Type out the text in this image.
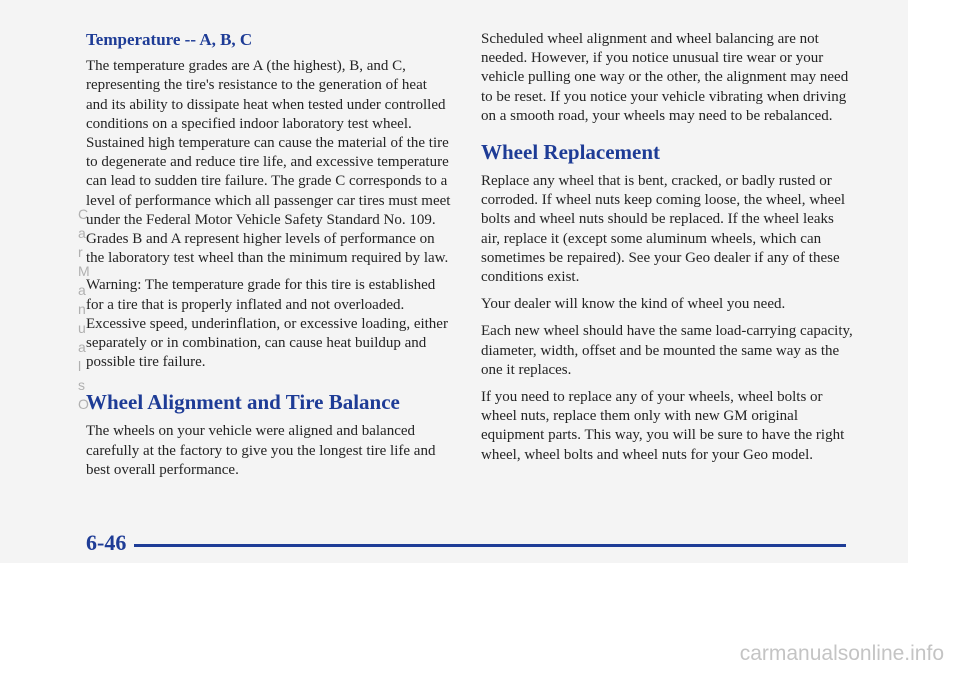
Temperature -- A, B, C

The temperature grades are A (the highest), B, and C, representing the tire's resistance to the generation of heat and its ability to dissipate heat when tested under controlled conditions on a specified indoor laboratory test wheel. Sustained high temperature can cause the material of the tire to degenerate and reduce tire life, and excessive temperature can lead to sudden tire failure. The grade C corresponds to a level of performance which all passenger car tires must meet under the Federal Motor Vehicle Safety Standard No. 109. Grades B and A represent higher levels of performance on the laboratory test wheel than the minimum required by law.

Warning: The temperature grade for this tire is established for a tire that is properly inflated and not overloaded. Excessive speed, underinflation, or excessive loading, either separately or in combination, can cause heat buildup and possible tire failure.

Wheel Alignment and Tire Balance

The wheels on your vehicle were aligned and balanced carefully at the factory to give you the longest tire life and best overall performance.

Scheduled wheel alignment and wheel balancing are not needed. However, if you notice unusual tire wear or your vehicle pulling one way or the other, the alignment may need to be reset. If you notice your vehicle vibrating when driving on a smooth road, your wheels may need to be rebalanced.

Wheel Replacement

Replace any wheel that is bent, cracked, or badly rusted or corroded. If wheel nuts keep coming loose, the wheel, wheel bolts and wheel nuts should be replaced. If the wheel leaks air, replace it (except some aluminum wheels, which can sometimes be repaired). See your Geo dealer if any of these conditions exist.

Your dealer will know the kind of wheel you need.

Each new wheel should have the same load-carrying capacity, diameter, width, offset and be mounted the same way as the one it replaces.

If you need to replace any of your wheels, wheel bolts or wheel nuts, replace them only with new GM original equipment parts. This way, you will be sure to have the right wheel, wheel bolts and wheel nuts for your Geo model.

6-46
C
a
r
M
a
n
u
a
l
s
O
carmanualsonline.info
